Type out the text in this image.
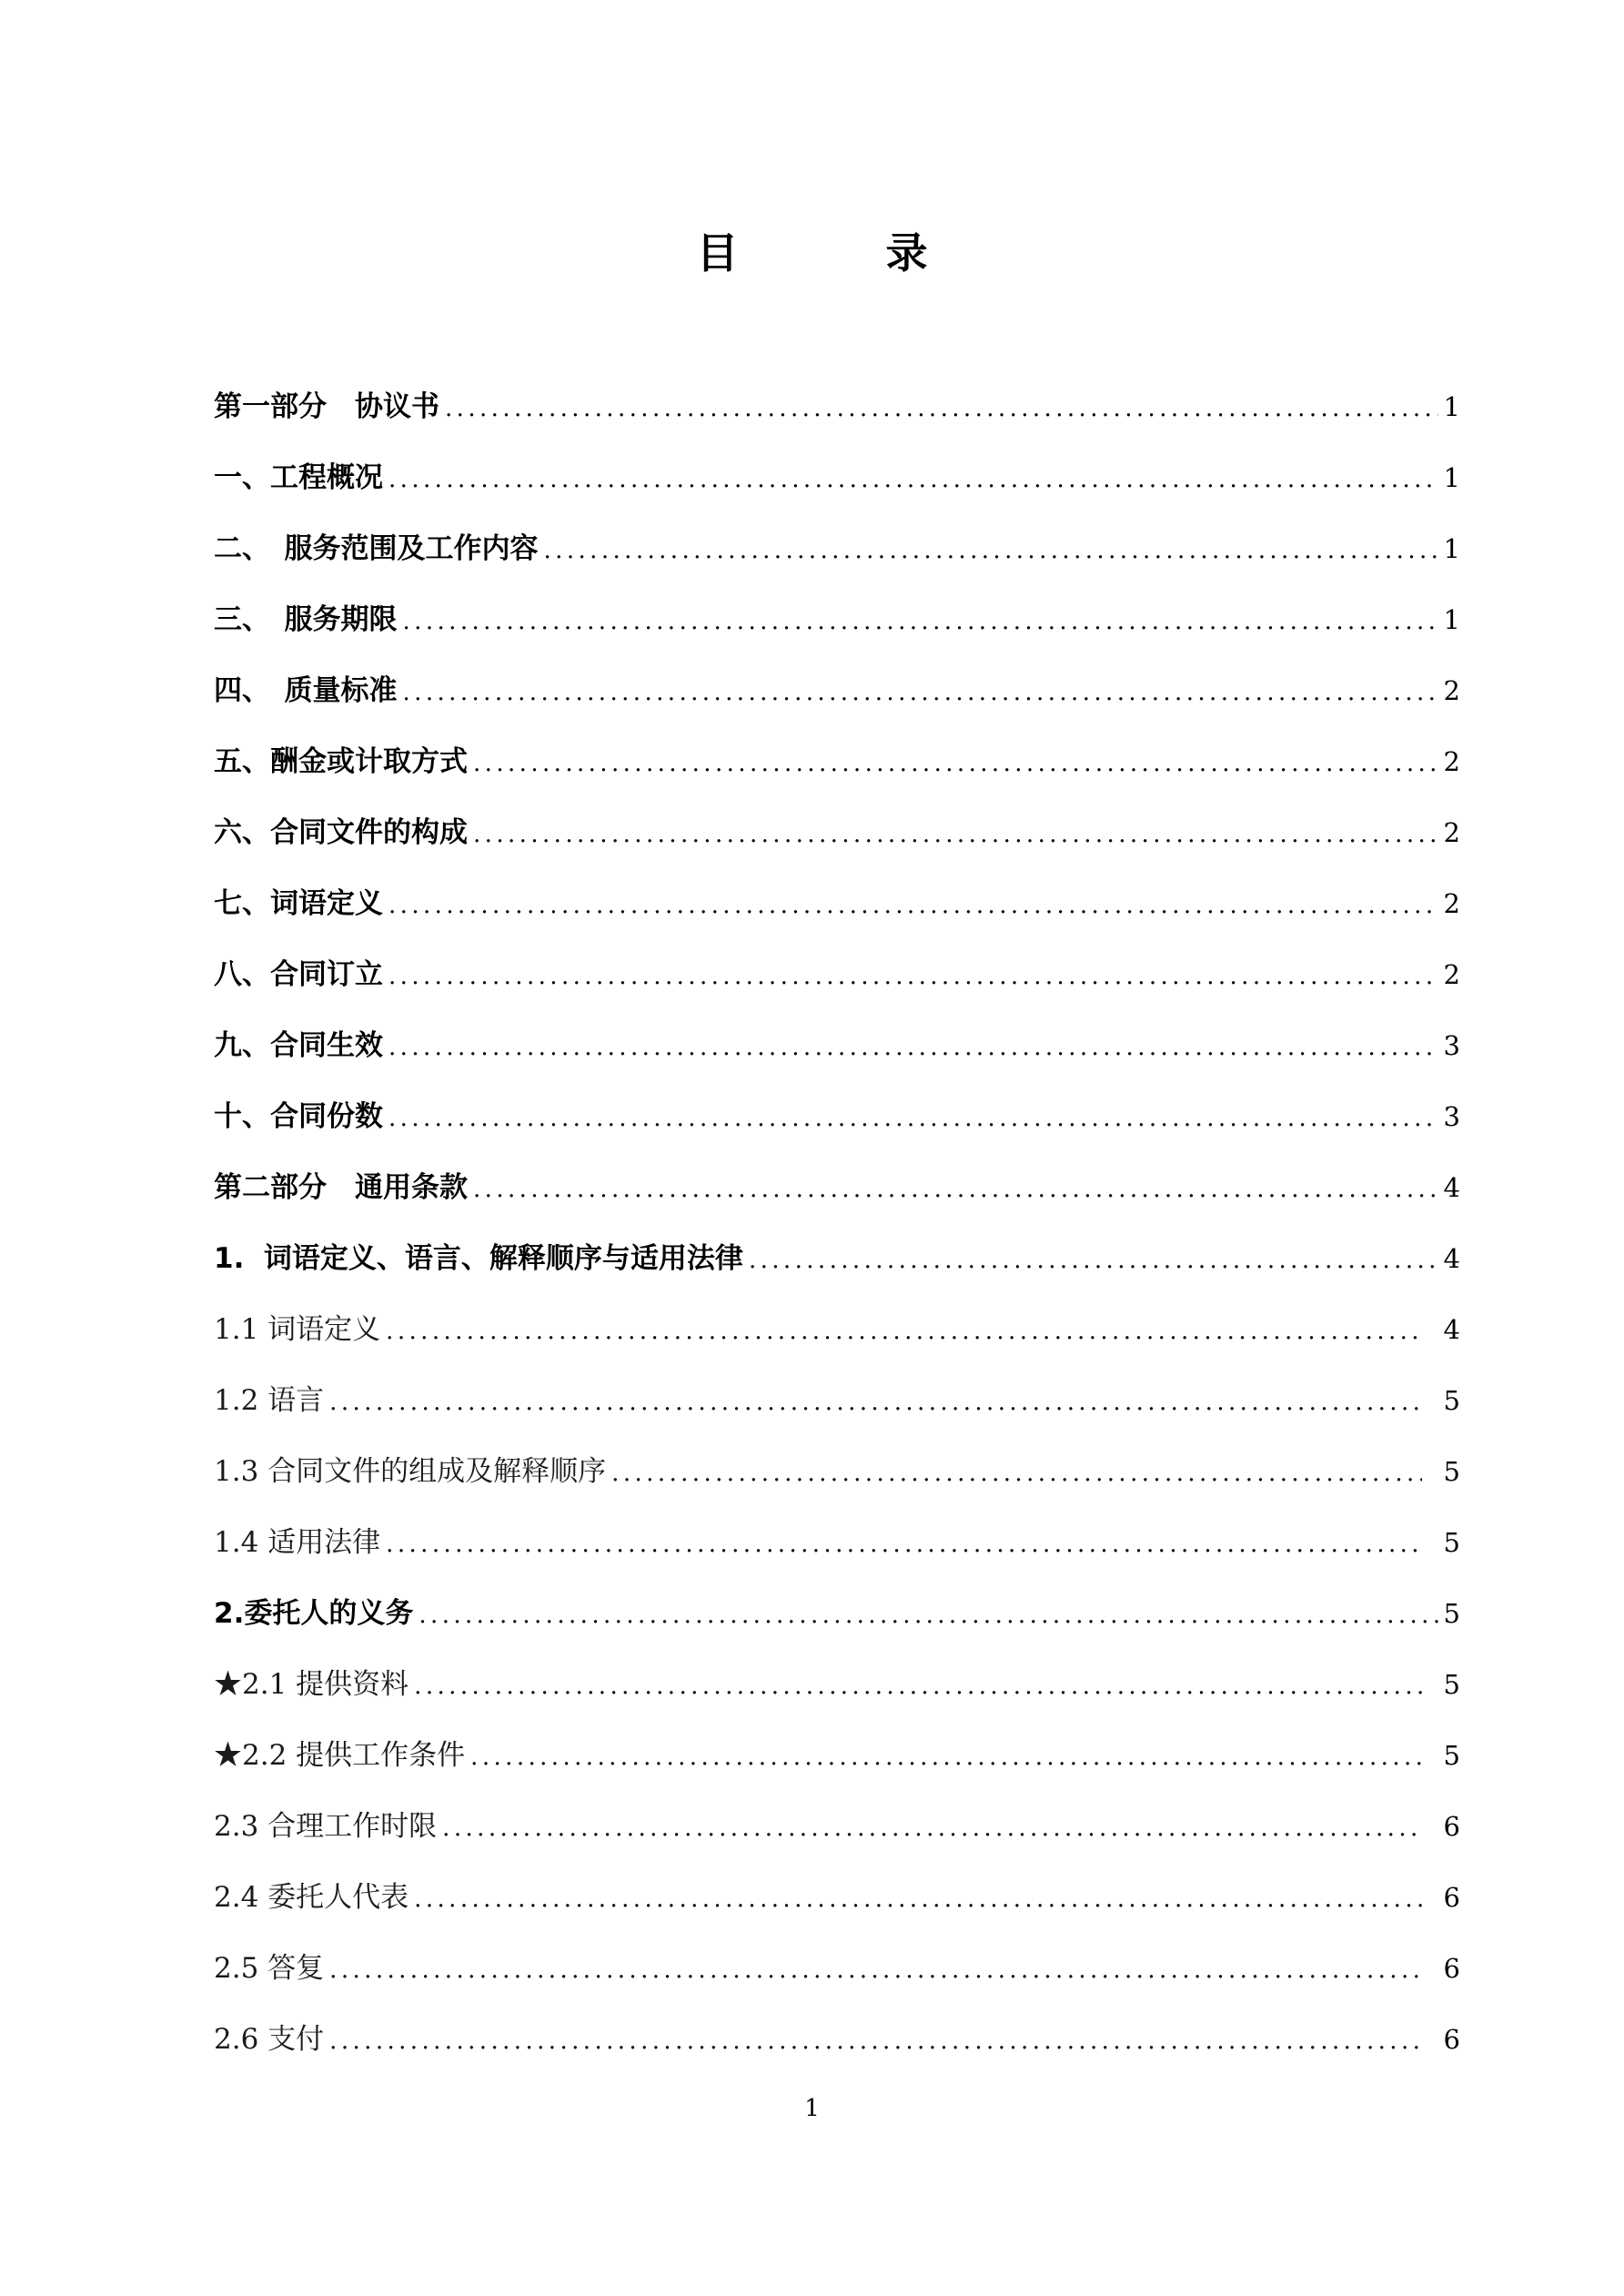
目　录
第一部分　协议书 .....	1
一、工程概况 .....	1
二、　服务范围及工作内容 .....	1
三、　服务期限 .....	1
四、　质量标准 .....	2
五、酬金或计取方式 .....	2
六、合同文件的构成 .....	2
七、词语定义 .....	2
八、合同订立 .....	2
九、合同生效 .....	3
十、合同份数 .....	3
第二部分　通用条款 .....	4
1.  词语定义、语言、解释顺序与适用法律 .....	4
1.1 词语定义 .....	4
1.2 语言 .....	5
1.3 合同文件的组成及解释顺序 .....	5
1.4 适用法律 .....	5
2.委托人的义务 .....	5
★2.1 提供资料 .....	5
★2.2 提供工作条件 .....	5
2.3 合理工作时限 .....	6
2.4 委托人代表 .....	6
2.5 答复 .....	6
2.6 支付 .....	6
1
